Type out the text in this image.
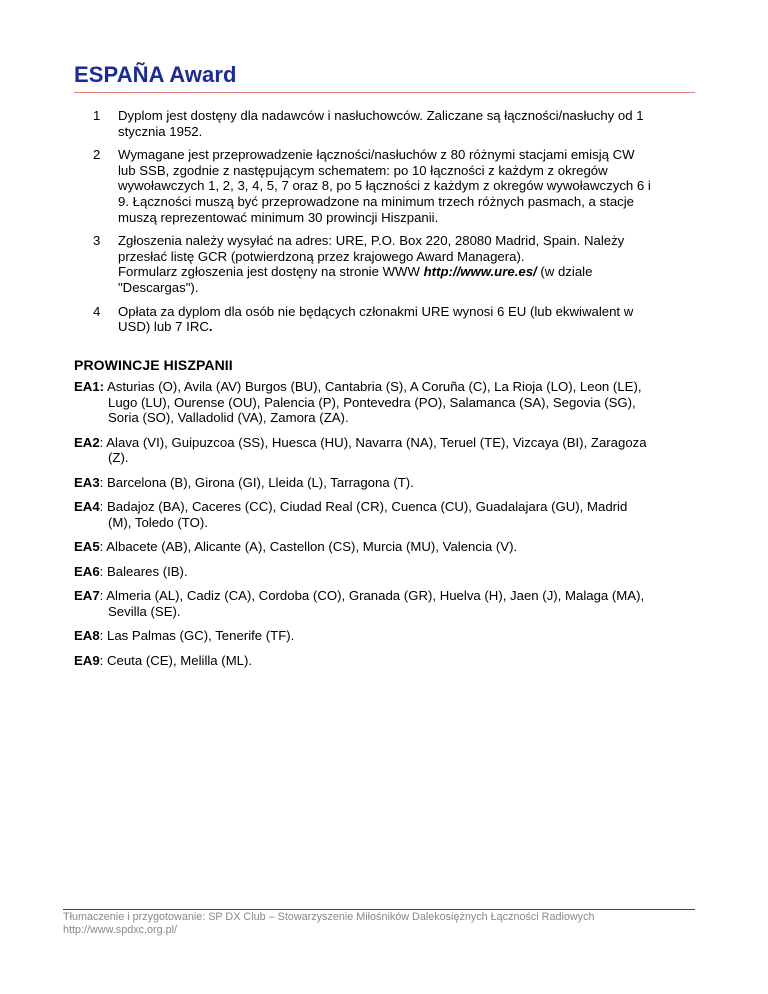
ESPAÑA Award
1 Dyplom jest dostęny dla nadawców i nasłuchowców. Zaliczane są łączności/nasłuchy od 1
stycznia 1952.
2 Wymagane jest przeprowadzenie łączności/nasłuchów z 80 różnymi stacjami emisją CW
lub SSB, zgodnie z następującym schematem: po 10 łączności z każdym z okregów
wywoławczych 1, 2, 3, 4, 5, 7 oraz 8, po 5 łączności z każdym z okregów wywoławczych 6 i
9. Łączności muszą być przeprowadzone na minimum trzech różnych pasmach, a stacje
muszą reprezentować minimum 30 prowincji Hiszpanii.
3 Zgłoszenia należy wysyłać na adres: URE, P.O. Box 220, 28080 Madrid, Spain. Należy
przesłać listę GCR (potwierdzoną przez krajowego Award Managera).
Formularz zgłoszenia jest dostęny na stronie WWW http://www.ure.es/ (w dziale
"Descargas").
4 Opłata za dyplom dla osób nie będących członakmi URE wynosi 6 EU (lub ekwiwalent w
USD) lub 7 IRC.
PROWINCJE HISZPANII
EA1: Asturias (O), Avila (AV) Burgos (BU), Cantabria (S), A Coruña (C), La Rioja (LO), Leon (LE),
Lugo (LU), Ourense (OU), Palencia (P), Pontevedra (PO), Salamanca (SA), Segovia (SG),
Soria (SO), Valladolid (VA), Zamora (ZA).
EA2: Alava (VI), Guipuzcoa (SS), Huesca (HU), Navarra (NA), Teruel (TE), Vizcaya (BI), Zaragoza
(Z).
EA3: Barcelona (B), Girona (GI), Lleida (L), Tarragona (T).
EA4: Badajoz (BA), Caceres (CC), Ciudad Real (CR), Cuenca (CU), Guadalajara (GU), Madrid
(M), Toledo (TO).
EA5: Albacete (AB), Alicante (A), Castellon (CS), Murcia (MU), Valencia (V).
EA6: Baleares (IB).
EA7: Almeria (AL), Cadiz (CA), Cordoba (CO), Granada (GR), Huelva (H), Jaen (J), Malaga (MA),
Sevilla (SE).
EA8: Las Palmas (GC), Tenerife (TF).
EA9: Ceuta (CE), Melilla (ML).
Tłumaczenie i przygotowanie: SP DX Club – Stowarzyszenie Miłośników Dalekosiężnych Łączności Radiowych
http://www.spdxc.org.pl/
